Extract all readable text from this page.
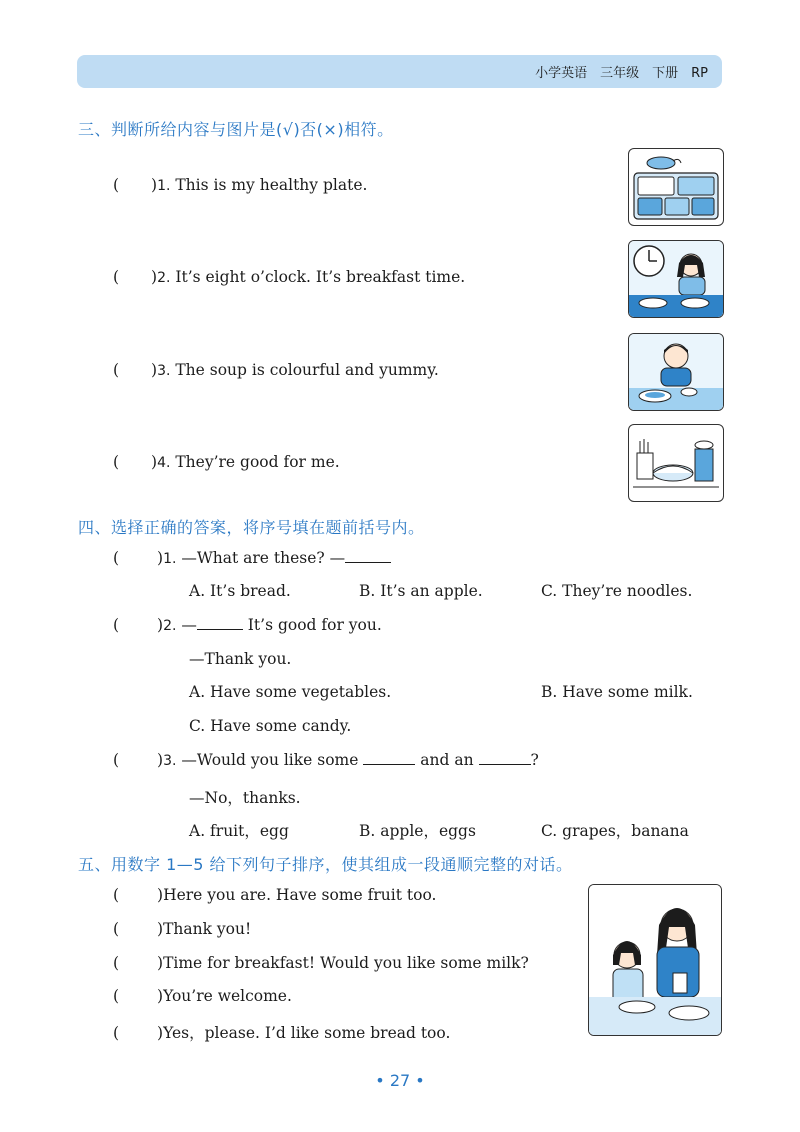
小学英语　三年级　下册　RP
三、判断所给内容与图片是(√)否(×)相符。
( )1. This is my healthy plate.
( )2. It’s eight o’clock. It’s breakfast time.
( )3. The soup is colourful and yummy.
( )4. They’re good for me.
四、选择正确的答案，将序号填在题前括号内。
( )1. —What are these? —
A. It’s bread.	B. It’s an apple.	C. They’re noodles.
( )2. —	It’s good for you.
—Thank you.
A. Have some vegetables.	B. Have some milk.
C. Have some candy.
( )3. —Would you like some	and an	?
—No，thanks.
A. fruit，egg	B. apple，eggs	C. grapes，banana
五、用数字 1—5 给下列句子排序，使其组成一段通顺完整的对话。
( )Here you are. Have some fruit too.
( )Thank you!
( )Time for breakfast! Would you like some milk?
( )You’re welcome.
( )Yes，please. I’d like some bread too.
• 27 •
